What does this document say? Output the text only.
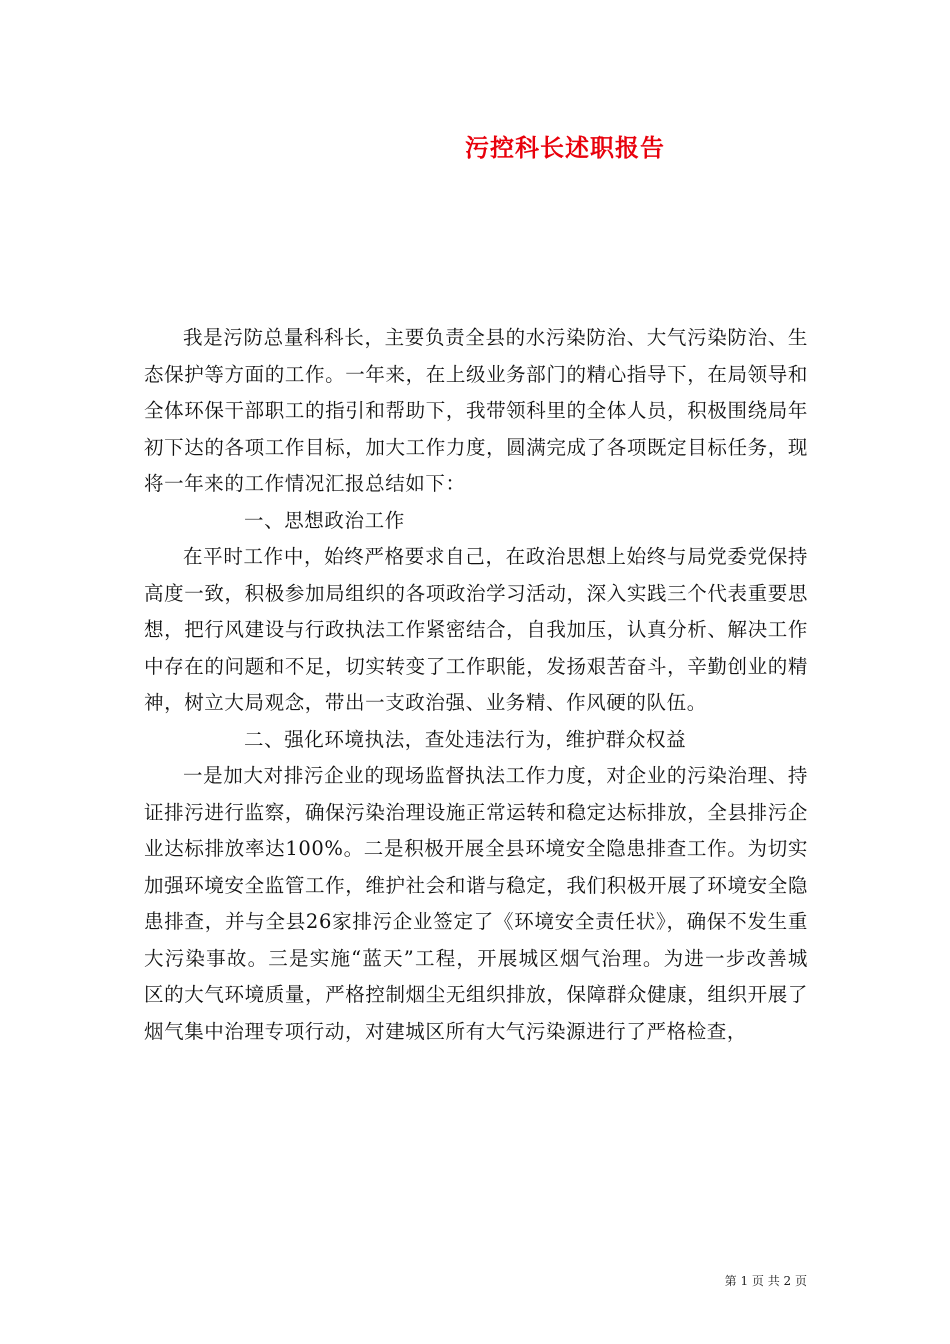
污控科长述职报告

我是污防总量科科长，主要负责全县的水污染防治、大气污染防治、生态保护等方面的工作。一年来，在上级业务部门的精心指导下，在局领导和全体环保干部职工的指引和帮助下，我带领科里的全体人员，积极围绕局年初下达的各项工作目标，加大工作力度，圆满完成了各项既定目标任务，现将一年来的工作情况汇报总结如下：

一、思想政治工作

在平时工作中，始终严格要求自己，在政治思想上始终与局党委党保持高度一致，积极参加局组织的各项政治学习活动，深入实践三个代表重要思想，把行风建设与行政执法工作紧密结合，自我加压，认真分析、解决工作中存在的问题和不足，切实转变了工作职能，发扬艰苦奋斗，辛勤创业的精神，树立大局观念，带出一支政治强、业务精、作风硬的队伍。

二、强化环境执法，查处违法行为，维护群众权益

一是加大对排污企业的现场监督执法工作力度，对企业的污染治理、持证排污进行监察，确保污染治理设施正常运转和稳定达标排放，全县排污企业达标排放率达100%。二是积极开展全县环境安全隐患排查工作。为切实加强环境安全监管工作，维护社会和谐与稳定，我们积极开展了环境安全隐患排查，并与全县26家排污企业签定了《环境安全责任状》，确保不发生重大污染事故。三是实施“蓝天”工程，开展城区烟气治理。为进一步改善城区的大气环境质量，严格控制烟尘无组织排放，保障群众健康，组织开展了烟气集中治理专项行动，对建城区所有大气污染源进行了严格检查，

第 1 页 共 2 页
